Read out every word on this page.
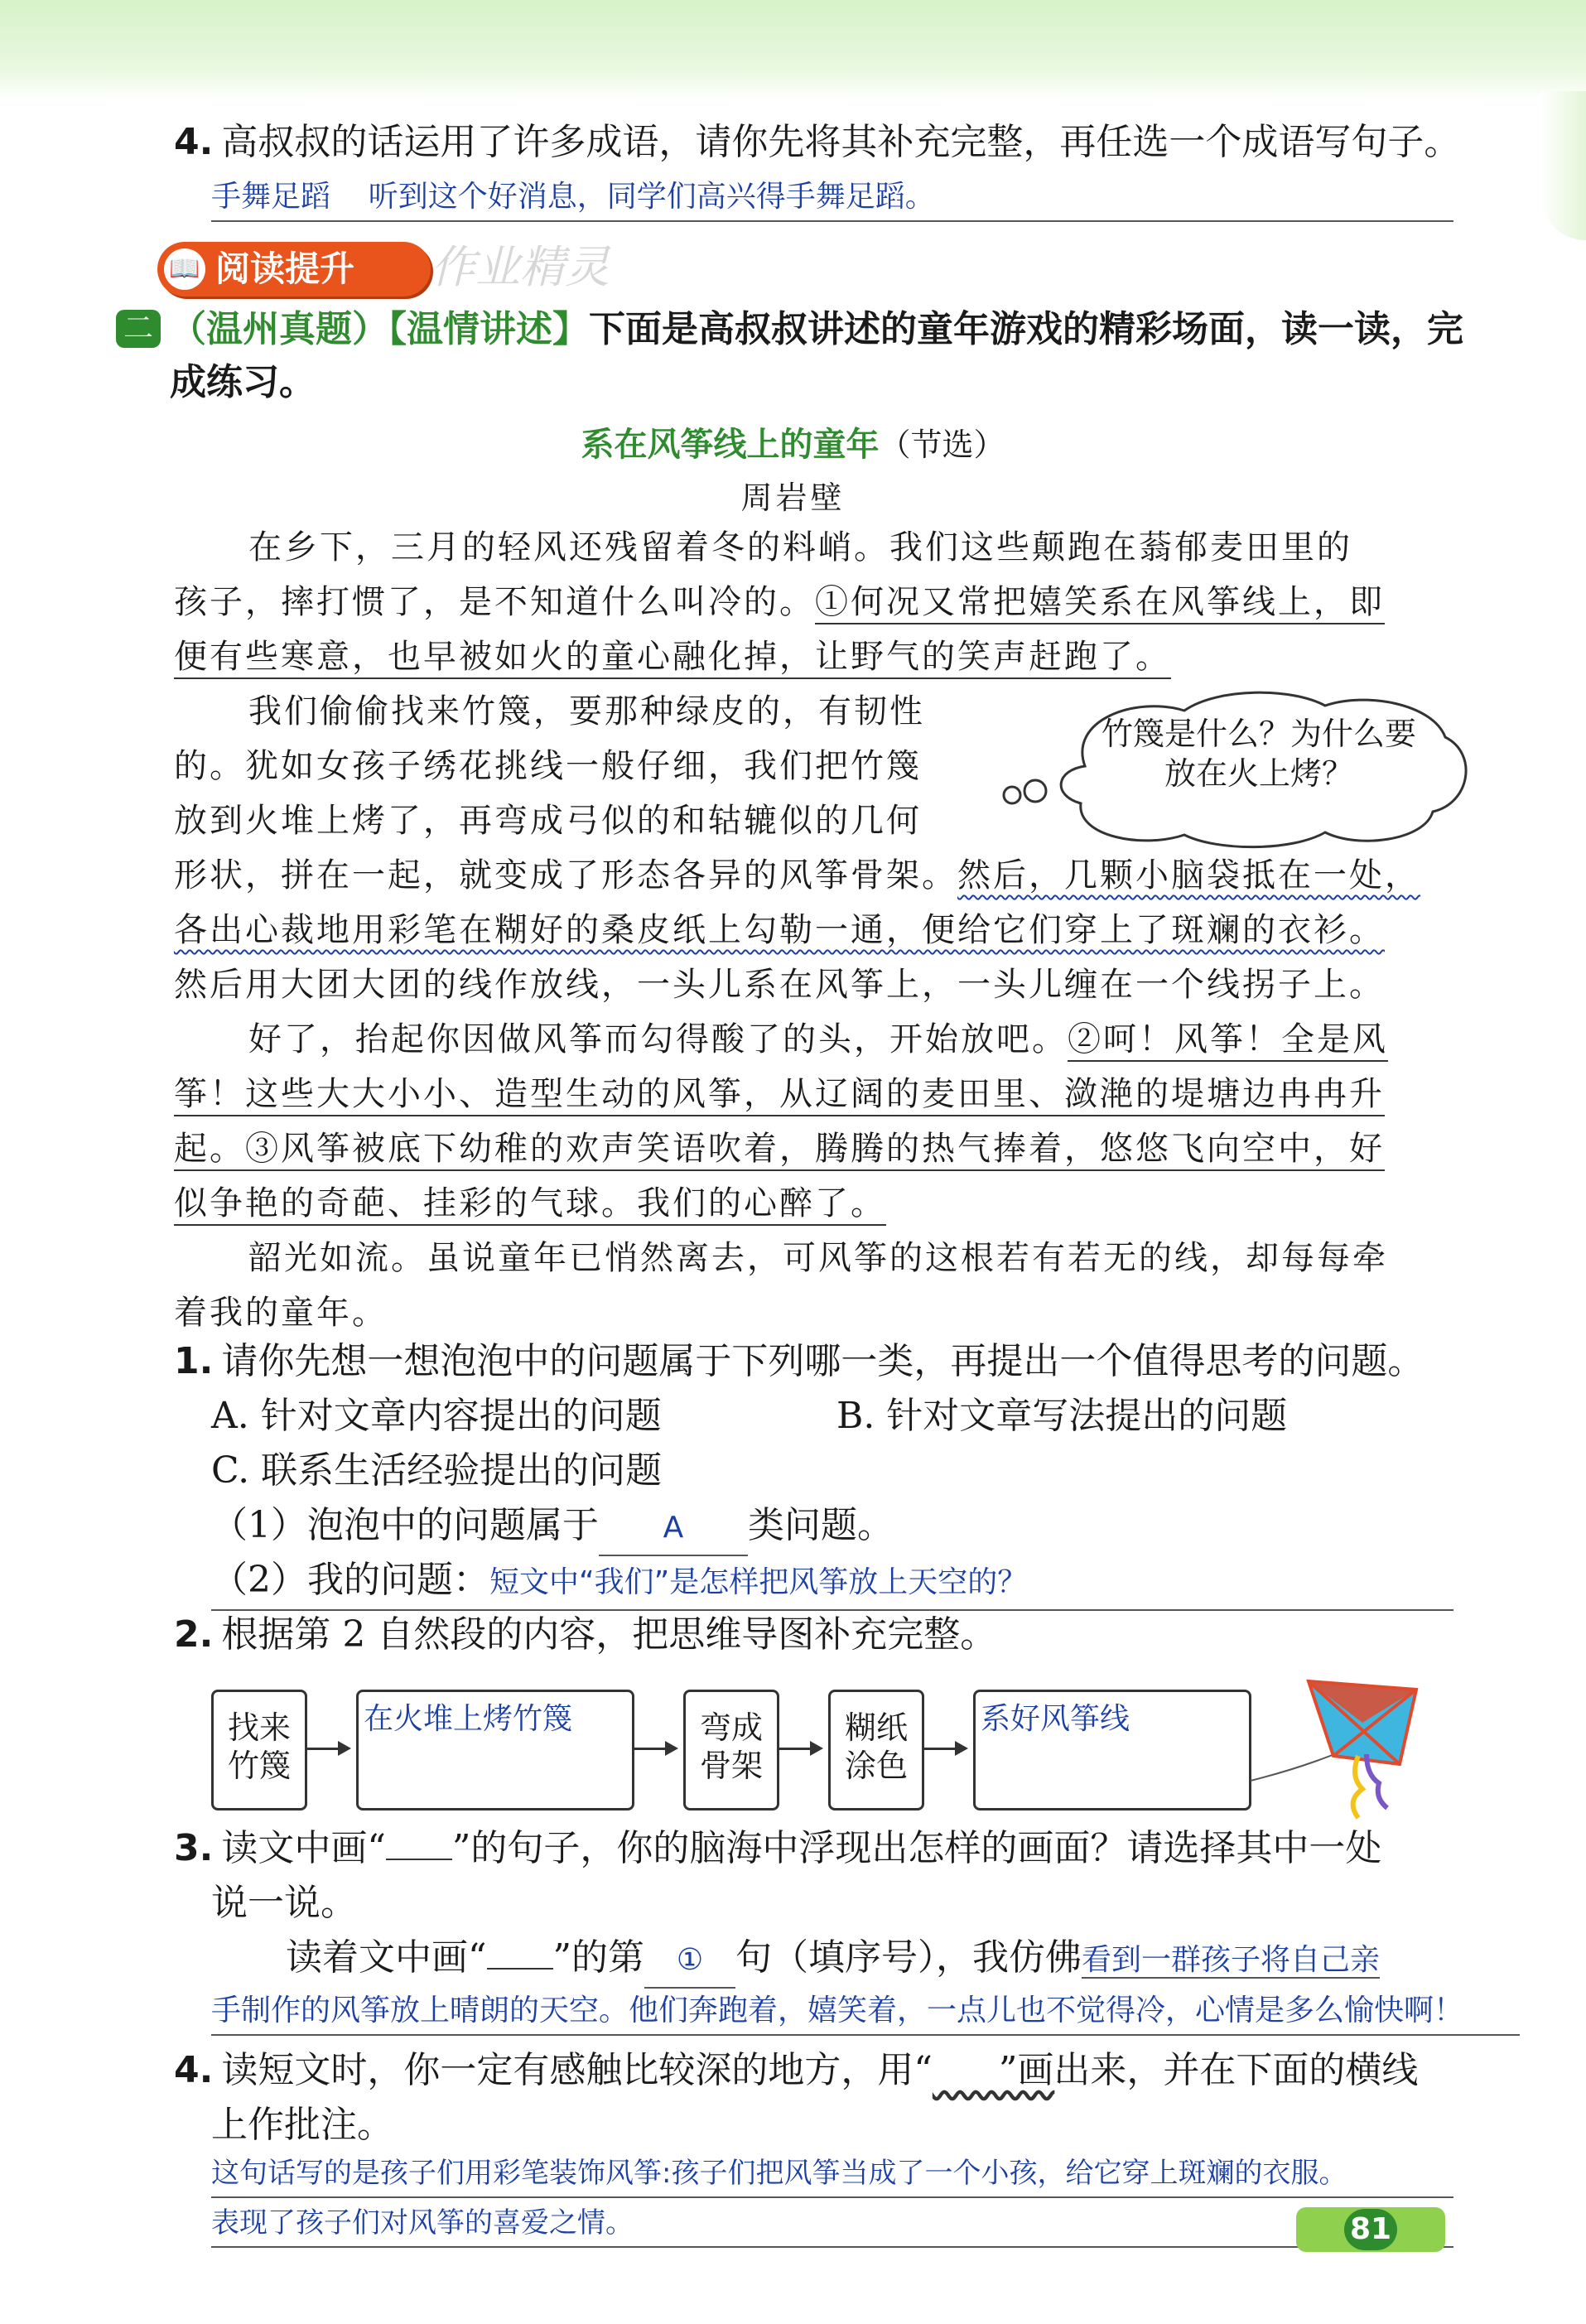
4. 高叔叔的话运用了许多成语，请你先将其补充完整，再任选一个成语写句子。
手舞足蹈    听到这个好消息，同学们高兴得手舞足蹈。
📖 阅读提升 作业精灵
二 （温州真题）【温情讲述】下面是高叔叔讲述的童年游戏的精彩场面，读一读，完
成练习。
系在风筝线上的童年（节选）
周岩壁
在乡下，三月的轻风还残留着冬的料峭。我们这些颠跑在蓊郁麦田里的
孩子，摔打惯了，是不知道什么叫冷的。①何况又常把嬉笑系在风筝线上，即
便有些寒意，也早被如火的童心融化掉，让野气的笑声赶跑了。
我们偷偷找来竹篾，要那种绿皮的，有韧性
的。犹如女孩子绣花挑线一般仔细，我们把竹篾
放到火堆上烤了，再弯成弓似的和轱辘似的几何
形状，拼在一起，就变成了形态各异的风筝骨架。然后，几颗小脑袋抵在一处，
各出心裁地用彩笔在糊好的桑皮纸上勾勒一通，便给它们穿上了斑斓的衣衫。
然后用大团大团的线作放线，一头儿系在风筝上，一头儿缠在一个线拐子上。
竹篾是什么？为什么要放在火上烤？
好了，抬起你因做风筝而勾得酸了的头，开始放吧。②呵！风筝！全是风
筝！这些大大小小、造型生动的风筝，从辽阔的麦田里、潋滟的堤塘边冉冉升
起。③风筝被底下幼稚的欢声笑语吹着，腾腾的热气捧着，悠悠飞向空中，好
似争艳的奇葩、挂彩的气球。我们的心醉了。
韶光如流。虽说童年已悄然离去，可风筝的这根若有若无的线，却每每牵
着我的童年。
1. 请你先想一想泡泡中的问题属于下列哪一类，再提出一个值得思考的问题。
A. 针对文章内容提出的问题	B. 针对文章写法提出的问题
C. 联系生活经验提出的问题
（1）泡泡中的问题属于 A 类问题。
（2）我的问题：短文中“我们”是怎样把风筝放上天空的？
2. 根据第 2 自然段的内容，把思维导图补充完整。
找来竹篾
在火堆上烤竹篾	弯成骨架
糊纸涂色
系好风筝线
3. 读文中画“ ”的句子，你的脑海中浮现出怎样的画面？请选择其中一处
说一说。
读着文中画“ ”的第 ① 句（填序号），我仿佛看到一群孩子将自己亲
手制作的风筝放上晴朗的天空。他们奔跑着，嬉笑着，一点儿也不觉得冷，心情是多么愉快啊！
4. 读短文时，你一定有感触比较深的地方，用“ ”画出来，并在下面的横线
上作批注。
这句话写的是孩子们用彩笔装饰风筝:孩子们把风筝当成了一个小孩，给它穿上斑斓的衣服。
表现了孩子们对风筝的喜爱之情。	81
